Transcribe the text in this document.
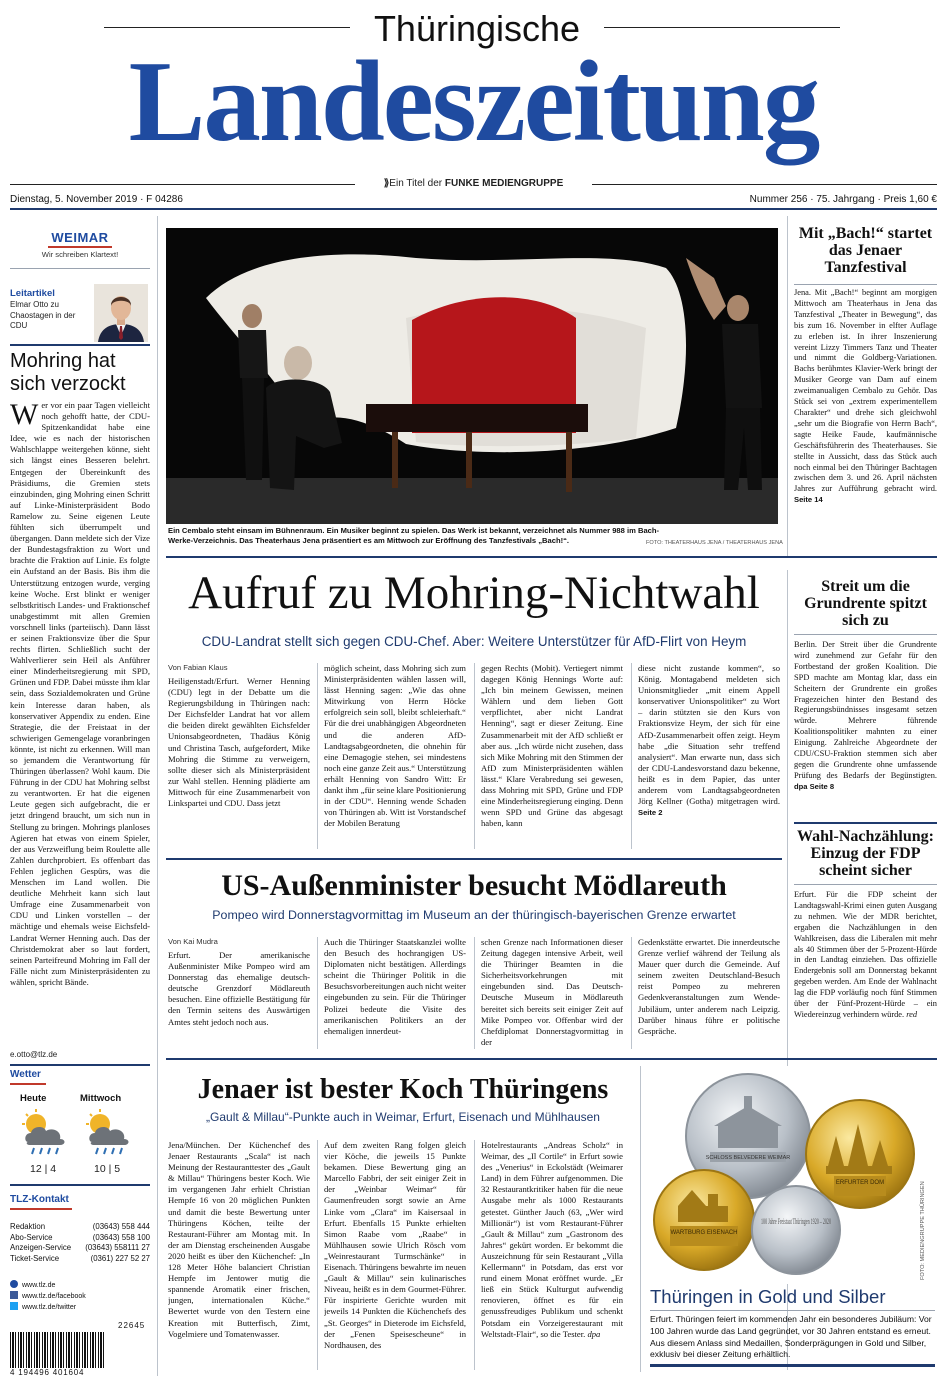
Thüringische
Landeszeitung
⟫Ein Titel der FUNKE MEDIENGRUPPE
Dienstag, 5. November 2019 · F 04286	Nummer 256 · 75. Jahrgang · Preis 1,60 €
WEIMAR
Wir schreiben Klartext!
Leitartikel
Elmar Otto zu Chaostagen in der CDU
Mohring hat sich verzockt
Wer vor ein paar Tagen vielleicht noch gehofft hatte, der CDU-Spitzenkandidat habe eine Idee, wie es nach der historischen Wahlschlappe weitergehen könne, sieht sich längst eines Besseren belehrt. Entgegen der Übereinkunft des Präsidiums, die Gremien stets einzubinden, ging Mohring einen Schritt auf Linke-Ministerpräsident Bodo Ramelow zu. Seine eigenen Leute fühlten sich überrumpelt und übergangen. Dann meldete sich der Vize der Bundestagsfraktion zu Wort und brachte die Fraktion auf Linie. Es folgte ein Aufstand an der Basis. Bis ihm die Unterstützung entzogen wurde, verging keine Woche. Erst blinkt er weniger selbstkritisch Landes- und Fraktionschef unabgestimmt mit allen Gremien vorschnell links (parteiisch). Dann lässt er seinen Fraktionsvize über die Spur rechts flirten. Schließlich sucht der Wahlverlierer sein Heil als Anführer einer Minderheitsregierung mit SPD, Grünen und FDP. Dabei müsste ihm klar sein, dass Sozialdemokraten und Grüne kein Interesse daran haben, als konservativer Appendix zu enden. Eine Strategie, die der Freistaat in der schwierigen Gemengelage voranbringen könnte, ist nicht zu erkennen. Will man so jemandem die Verantwortung für Thüringen überlassen? Wohl kaum. Die Führung in der CDU hat Mohring selbst zu verantworten. Er hat die eigenen Leute gegen sich aufgebracht, die er jetzt dringend braucht, um sich nun in Stellung zu bringen. Mohrings planloses Agieren hat etwas von einem Spieler, der aus Verzweiflung beim Roulette alle Zahlen durchprobiert. Es offenbart das Fehlen jeglichen Gespürs, was die Menschen im Land wollen. Die deutliche Mehrheit kann sich laut Umfrage eine Zusammenarbeit von CDU und Linken vorstellen – der mächtige und ehemals weise Eichsfeld-Landrat Werner Henning auch. Das der Christdemokrat aber so laut fordert, seinen Parteifreund Mohring im Fall der Fälle nicht zum Ministerpräsidenten zu wählen, spricht Bände.
e.otto@tlz.de
Wetter
Heute	Mittwoch
12 | 4	10 | 5
TLZ-Kontakt
Redaktion	(03643) 558 444
Abo-Service	(03643) 558 100
Anzeigen-Service (03643) 558111 27
Ticket-Service	(0361) 227 52 27
www.tlz.de
www.tlz.de/facebook
www.tlz.de/twitter
22645
4 194496 401604
Ein Cembalo steht einsam im Bühnenraum. Ein Musiker beginnt zu spielen. Das Werk ist bekannt, verzeichnet als Nummer 988 im Bach-Werke-Verzeichnis. Das Theaterhaus Jena präsentiert es am Mittwoch zur Eröffnung des Tanzfestivals „Bach!“.	FOTO: THEATERHAUS JENA / THEATERHAUS JENA
Mit „Bach!“ startet das Jenaer Tanzfestival
Jena. Mit „Bach!“ beginnt am morgigen Mittwoch am Theaterhaus in Jena das Tanzfestival „Theater in Bewegung“, das bis zum 16. November in elfter Auflage zu erleben ist. In ihrer Inszenierung vereint Lizzy Timmers Tanz und Theater und nimmt die Goldberg-Variationen. Bachs berühmtes Klavier-Werk bringt der Musiker George van Dam auf einem zweimanualigen Cembalo zu Gehör. Das Stück sei von „extrem experimentellem Charakter“ und drehe sich gleichwohl „sehr um die Biografie von Herrn Bach“, sagte Heike Faude, kaufmännische Geschäftsführerin des Theaterhauses. Sie stellte in Aussicht, dass das Stück auch noch einmal bei den Thüringer Bachtagen zwischen dem 3. und 26. April nächsten Jahres zur Aufführung gebracht wird. Seite 14
Aufruf zu Mohring-Nichtwahl
CDU-Landrat stellt sich gegen CDU-Chef. Aber: Weitere Unterstützer für AfD-Flirt von Heym
Von Fabian Klaus
Heiligenstadt/Erfurt. Werner Henning (CDU) legt in der Debatte um die Regierungsbildung in Thüringen nach: Der Eichsfelder Landrat hat vor allem die beiden direkt gewählten Eichsfelder Unionsabgeordneten, Thadäus König und Christina Tasch, aufgefordert, Mike Mohring die Stimme zu verweigern, sollte dieser sich als Ministerpräsident zur Wahl stellen. Henning plädierte am Mittwoch für eine Zusammenarbeit von Linkspartei und CDU. Dass jetzt
möglich scheint, dass Mohring sich zum Ministerpräsidenten wählen lassen will, lässt Henning sagen: „Wie das ohne Mitwirkung von Herrn Höcke erfolgreich sein soll, bleibt schleierhaft.“ Für die drei unabhängigen Abgeordneten und die anderen AfD-Landtagsabgeordneten, die ohnehin für eine Demagogie stehen, sei mindestens noch eine ganze Zeit aus.“ Unterstützung erhält Henning von Sandro Witt: Er dankt ihm „für seine klare Positionierung in der CDU“. Henning wende Schaden von Thüringen ab. Witt ist Vorstandschef der Mobilen Beratung
gegen Rechts (Mobit). Vertiegert nimmt dagegen König Hennings Worte auf: „Ich bin meinem Gewissen, meinen Wählern und dem lieben Gott verpflichtet, aber nicht Landrat Henning“, sagt er dieser Zeitung. Eine Zusammenarbeit mit der AfD schließt er aber aus. „Ich würde nicht zusehen, dass sich Mike Mohring mit den Stimmen der AfD zum Ministerpräsidenten wählen lässt.“ Klare Verabredung sei gewesen, dass Mohring mit SPD, Grüne und FDP eine Minderheitsregierung einging. Denn wenn SPD und Grüne das abgesagt haben, kann
diese nicht zustande kommen“, so König. Montagabend meldeten sich Unionsmitglieder „mit einem Appell konservativer Unionspolitiker“ zu Wort – darin stützten sie den Kurs von Fraktionsvize Heym, der sich für eine AfD-Zusammenarbeit offen zeigt. Heym habe „die Situation sehr treffend analysiert“. Man erwarte nun, dass sich der CDU-Landesvorstand dazu bekenne, heißt es in dem Papier, das unter anderem vom Landtagsabgeordneten Jörg Kellner (Gotha) mitgetragen wird. Seite 2
Streit um die Grundrente spitzt sich zu
Berlin. Der Streit über die Grundrente wird zunehmend zur Gefahr für den Fortbestand der großen Koalition. Die SPD machte am Montag klar, dass ein Scheitern der Grundrente ein großes Fragezeichen hinter den Bestand des Regierungsbündnisses insgesamt setzen würde. Mehrere führende Koalitionspolitiker mahnten zu einer Einigung. Zahlreiche Abgeordnete der CDU/CSU-Fraktion stemmen sich aber gegen die Grundrente ohne umfassende Prüfung des Bedarfs der Begünstigten. dpa Seite 8
Wahl-Nachzählung: Einzug der FDP scheint sicher
Erfurt. Für die FDP scheint der Landtagswahl-Krimi einen guten Ausgang zu nehmen. Wie der MDR berichtet, ergaben die Nachzählungen in den Wahlkreisen, dass die Liberalen mit mehr als 40 Stimmen über der 5-Prozent-Hürde in den Landtag einziehen. Das offizielle Endergebnis soll am Donnerstag bekannt gegeben werden. Am Ende der Wahlnacht lag die FDP vorläufig noch fünf Stimmen über der Fünf-Prozent-Hürde – ein Wiedereinzug verhindern würde. red
US-Außenminister besucht Mödlareuth
Pompeo wird Donnerstagvormittag im Museum an der thüringisch-bayerischen Grenze erwartet
Von Kai Mudra
Erfurt. Der amerikanische Außenminister Mike Pompeo wird am Donnerstag das ehemalige deutsch-deutsche Grenzdorf Mödlareuth besuchen. Eine offizielle Bestätigung für den Termin seitens des Auswärtigen Amtes steht jedoch noch aus.
Auch die Thüringer Staatskanzlei wollte den Besuch des hochrangigen US-Diplomaten nicht bestätigen. Allerdings scheint die Thüringer Politik in die Besuchsvorbereitungen auch nicht weiter eingebunden zu sein. Für die Thüringer Polizei bedeute die Visite des amerikanischen Politikers an der ehemaligen innerdeut-
schen Grenze nach Informationen dieser Zeitung dagegen intensive Arbeit, weil die Thüringer Beamten in die Sicherheitsvorkehrungen mit eingebunden sind. Das Deutsch-Deutsche Museum in Mödlareuth bereitet sich bereits seit einiger Zeit auf Mike Pompeo vor. Offenbar wird der Chefdiplomat Donnerstagvormittag in der
Gedenkstätte erwartet. Die innerdeutsche Grenze verlief während der Teilung als Mauer quer durch die Gemeinde. Auf seinem zweiten Deutschland-Besuch reist Pompeo zu mehreren Gedenkveranstaltungen zum Wende-Jubiläum, unter anderem nach Leipzig. Darüber hinaus führe er politische Gespräche.
Jenaer ist bester Koch Thüringens
„Gault & Millau“-Punkte auch in Weimar, Erfurt, Eisenach und Mühlhausen
Jena/München. Der Küchenchef des Jenaer Restaurants „Scala“ ist nach Meinung der Restauranttester des „Gault & Millau“ Thüringens bester Koch. Wie im vergangenen Jahr erhielt Christian Hempfe 16 von 20 möglichen Punkten und damit die beste Bewertung unter Thüringens Köchen, teilte der Restaurant-Führer am Montag mit. In der am Dienstag erscheinenden Ausgabe 2020 heißt es über den Küchenchef: „In 128 Meter Höhe balanciert Christian Hempfe im Jentower mutig die spannende Aromatik einer frischen, jungen, internationalen Küche.“ Bewertet wurde von den Testern eine Kreation mit Butterfisch, Zimt, Vogelmiere und Tomatenwasser.
Auf dem zweiten Rang folgen gleich vier Köche, die jeweils 15 Punkte bekamen. Diese Bewertung ging an Marcello Fabbri, der seit einiger Zeit in der „Weinbar Weimar“ für Gaumenfreuden sorgt sowie an Arne Linke vom „Clara“ im Kaisersaal in Erfurt. Ebenfalls 15 Punkte erhielten Simon Raabe vom „Raabe“ in Mühlhausen sowie Ulrich Rösch vom „Weinrestaurant Turmschänke“ in Eisenach. Thüringens bewahrte im neuen „Gault & Millau“ sein kulinarisches Niveau, heißt es in dem Gourmet-Führer. Für inspirierte Gerichte wurden mit jeweils 14 Punkten die Küchenchefs des „St. Georges“ in Dieterode im Eichsfeld, der „Fenen Speisescheune“ in Nordhausen, des
Hotelrestaurants „Andreas Scholz“ in Weimar, des „Il Cortile“ in Erfurt sowie des „Venerius“ in Eckolstädt (Weimarer Land) in dem Führer aufgenommen. Die 32 Restaurantkritiker haben für die neue Ausgabe mehr als 1000 Restaurants getestet. Günther Jauch (63, „Wer wird Millionär“) ist vom Restaurant-Führer „Gault & Millau“ zum „Gastronom des Jahres“ gekürt worden. Er bekommt die Auszeichnung für sein Restaurant „Villa Kellermann“ in Potsdam, das erst vor rund einem Monat eröffnet wurde. „Er ließ ein Stück Kulturgut aufwendig renovieren, öffnet es für ein genussfreudiges Publikum und schenkt Potsdam ein Vorzeigerestaurant mit Weltstadt-Flair“, so die Tester. dpa
SCHLOSS BELVEDERE WEIMAR
ERFURTER DOM
WARTBURG EISENACH
100 Jahre Freistaat Thüringen 1920 – 2020	FOTO: MEDIENGRUPPE THÜRINGEN
Thüringen in Gold und Silber
Erfurt. Thüringen feiert im kommenden Jahr ein besonderes Jubiläum: Vor 100 Jahren wurde das Land gegründet, vor 30 Jahren entstand es erneut. Aus diesem Anlass sind Medaillen, Sonderprägungen in Gold und Silber, exklusiv bei dieser Zeitung erhältlich.
